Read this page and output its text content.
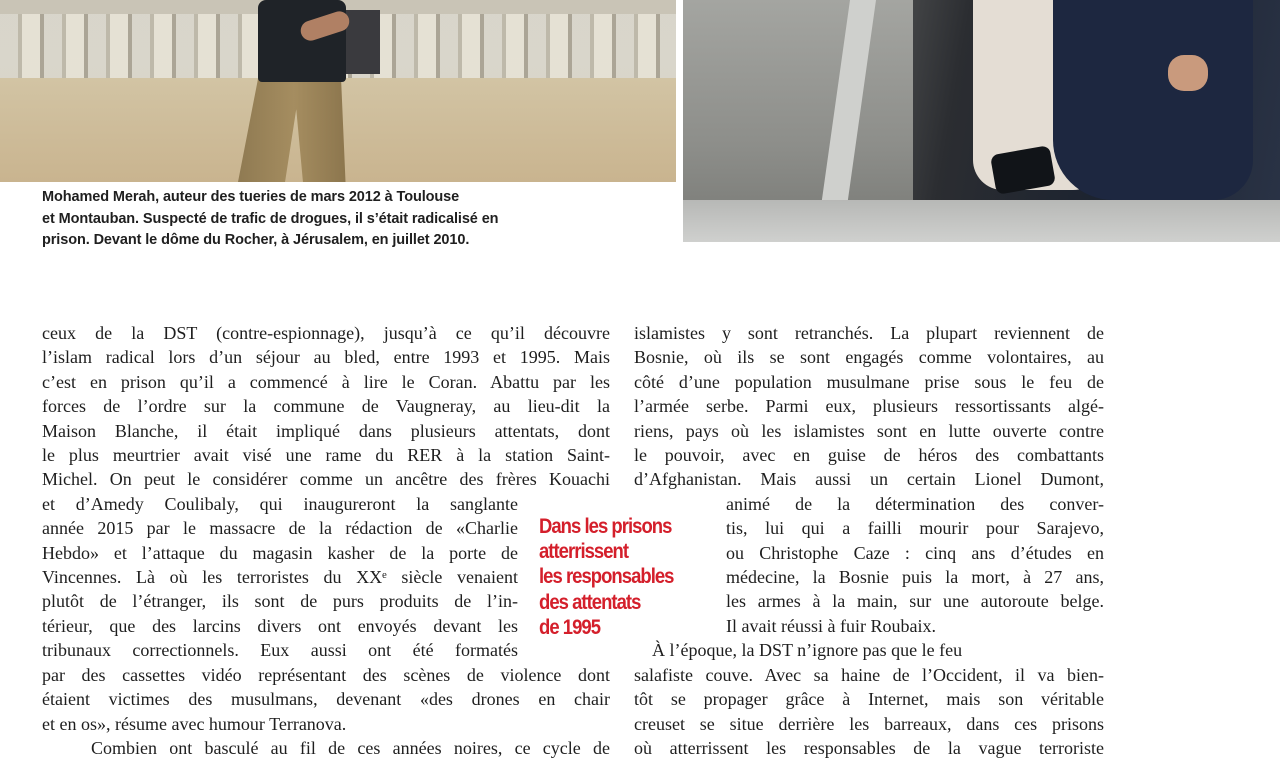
Mohamed Merah, auteur des tueries de mars 2012 à Toulouse
et Montauban. Suspecté de trafic de drogues, il s’était radicalisé en
prison. Devant le dôme du Rocher, à Jérusalem, en juillet 2010.
ceux de la DST (contre-espionnage), jusqu’à ce qu’il découvre
l’islam radical lors d’un séjour au bled, entre 1993 et 1995. Mais
c’est en prison qu’il a commencé à lire le Coran. Abattu par les
forces de l’ordre sur la commune de Vaugneray, au lieu-dit la
Maison Blanche, il était impliqué dans plusieurs attentats, dont
le plus meurtrier avait visé une rame du RER à la station Saint-
Michel. On peut le considérer comme un ancêtre des frères Kouachi
et d’Amedy Coulibaly, qui inaugureront la sanglante
année 2015 par le massacre de la rédaction de «Charlie
Hebdo» et l’attaque du magasin kasher de la porte de
Vincennes. Là où les terroristes du XXᵉ siècle venaient
plutôt de l’étranger, ils sont de purs produits de l’in-
térieur, que des larcins divers ont envoyés devant les
tribunaux correctionnels. Eux aussi ont été formatés
par des cassettes vidéo représentant des scènes de violence dont
étaient victimes des musulmans, devenant «des drones en chair
et en os», résume avec humour Terranova.
Combien ont basculé au fil de ces années noires, ce cycle de
Dans les prisons
atterrissent
les responsables
des attentats
de 1995
islamistes y sont retranchés. La plupart reviennent de
Bosnie, où ils se sont engagés comme volontaires, au
côté d’une population musulmane prise sous le feu de
l’armée serbe. Parmi eux, plusieurs ressortissants algé-
riens, pays où les islamistes sont en lutte ouverte contre
le pouvoir, avec en guise de héros des combattants
d’Afghanistan. Mais aussi un certain Lionel Dumont,
animé de la détermination des conver-
tis, lui qui a failli mourir pour Sarajevo,
ou Christophe Caze : cinq ans d’études en
médecine, la Bosnie puis la mort, à 27 ans,
les armes à la main, sur une autoroute belge.
Il avait réussi à fuir Roubaix.
À l’époque, la DST n’ignore pas que le feu
salafiste couve. Avec sa haine de l’Occident, il va bien-
tôt se propager grâce à Internet, mais son véritable
creuset se situe derrière les barreaux, dans ces prisons
où atterrissent les responsables de la vague terroriste
